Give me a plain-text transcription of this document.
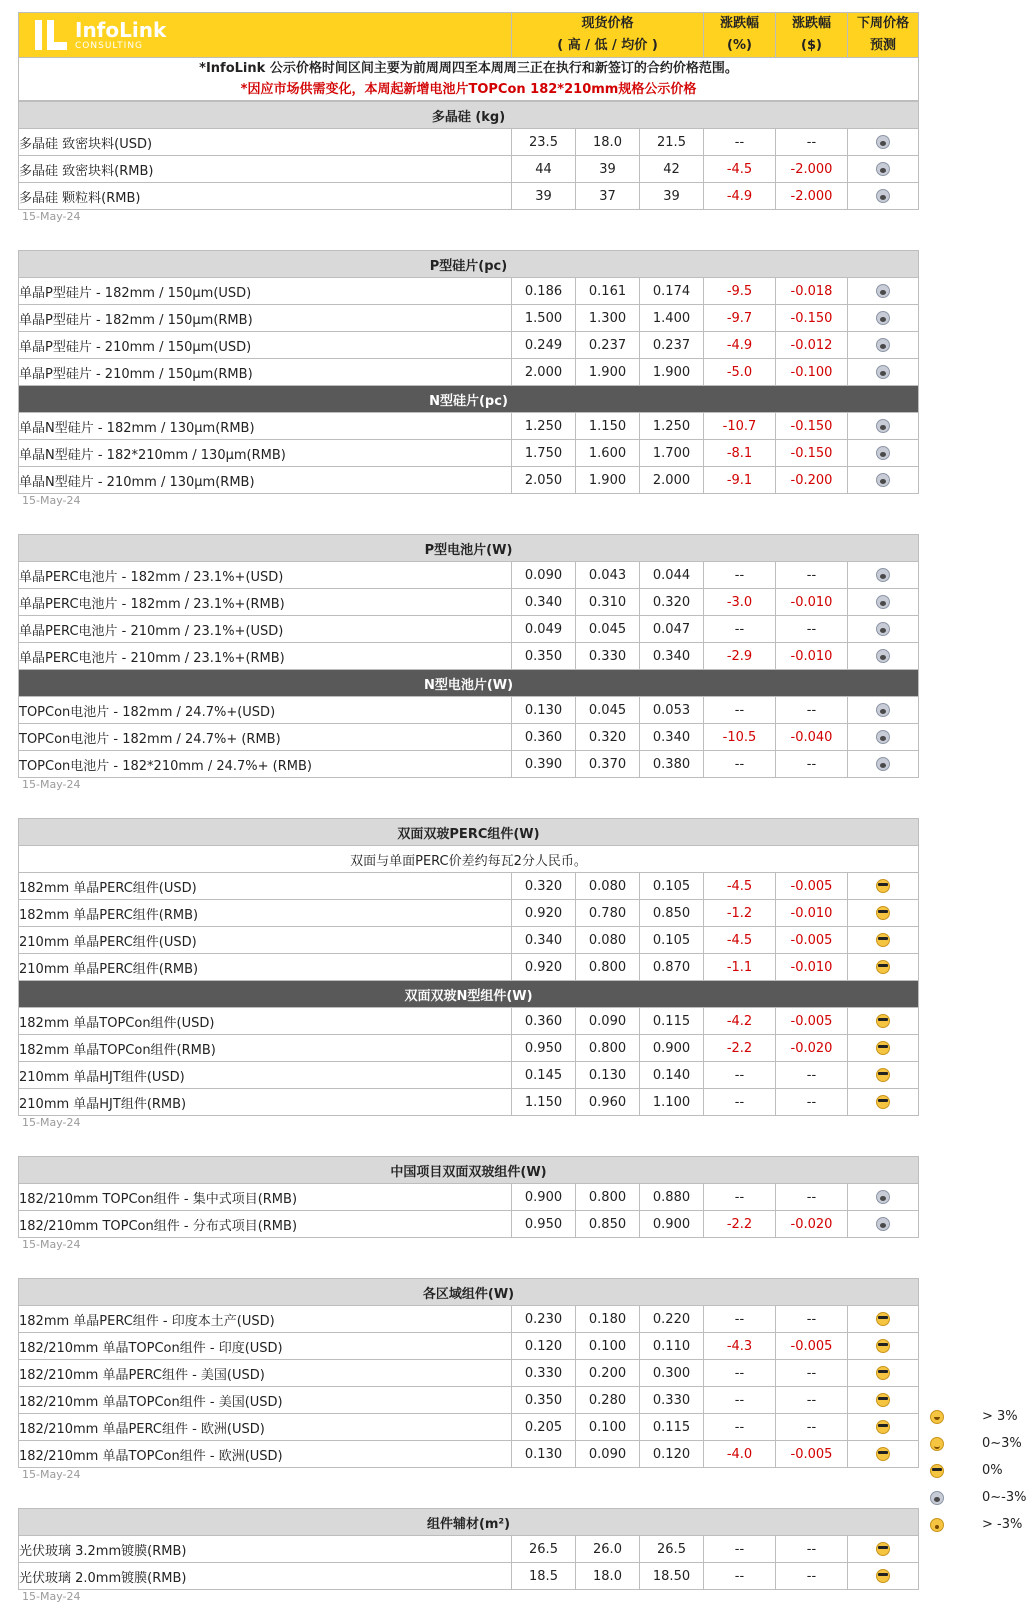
InfoLink
CONSULTING

现货价格
( 高 / 低 / 均价 )

涨跌幅
(%)

涨跌幅
($)

下周价格
预测

*InfoLink 公示价格时间区间主要为前周周四至本周周三正在执行和新签订的合约价格范围。
*因应市场供需变化，本周起新增电池片TOPCon 182*210mm规格公示价格
多晶硅 (kg)						
多晶硅 致密块料(USD)	23.5	18.0	21.5	--	--	
多晶硅 致密块料(RMB)	44	39	42	-4.5	-2.000	
多晶硅 颗粒料(RMB)	39	37	39	-4.9	-2.000	
15-May-24
P型硅片(pc)						
单晶P型硅片 - 182mm / 150μm(USD)	0.186	0.161	0.174	-9.5	-0.018	
单晶P型硅片 - 182mm / 150μm(RMB)	1.500	1.300	1.400	-9.7	-0.150	
单晶P型硅片 - 210mm / 150μm(USD)	0.249	0.237	0.237	-4.9	-0.012	
单晶P型硅片 - 210mm / 150μm(RMB)	2.000	1.900	1.900	-5.0	-0.100	
N型硅片(pc)						
单晶N型硅片 - 182mm / 130μm(RMB)	1.250	1.150	1.250	-10.7	-0.150	
单晶N型硅片 - 182*210mm / 130μm(RMB)	1.750	1.600	1.700	-8.1	-0.150	
单晶N型硅片 - 210mm / 130μm(RMB)	2.050	1.900	2.000	-9.1	-0.200	
15-May-24
P型电池片(W)						
单晶PERC电池片 - 182mm / 23.1%+(USD)	0.090	0.043	0.044	--	--	
单晶PERC电池片 - 182mm / 23.1%+(RMB)	0.340	0.310	0.320	-3.0	-0.010	
单晶PERC电池片 - 210mm / 23.1%+(USD)	0.049	0.045	0.047	--	--	
单晶PERC电池片 - 210mm / 23.1%+(RMB)	0.350	0.330	0.340	-2.9	-0.010	
N型电池片(W)						
TOPCon电池片 - 182mm / 24.7%+(USD)	0.130	0.045	0.053	--	--	
TOPCon电池片 - 182mm / 24.7%+ (RMB)	0.360	0.320	0.340	-10.5	-0.040	
TOPCon电池片 - 182*210mm / 24.7%+ (RMB)	0.390	0.370	0.380	--	--	
15-May-24
双面双玻PERC组件(W)						
双面与单面PERC价差约每瓦2分人民币。						
182mm 单晶PERC组件(USD)	0.320	0.080	0.105	-4.5	-0.005	
182mm 单晶PERC组件(RMB)	0.920	0.780	0.850	-1.2	-0.010	
210mm 单晶PERC组件(USD)	0.340	0.080	0.105	-4.5	-0.005	
210mm 单晶PERC组件(RMB)	0.920	0.800	0.870	-1.1	-0.010	
双面双玻N型组件(W)						
182mm 单晶TOPCon组件(USD)	0.360	0.090	0.115	-4.2	-0.005	
182mm 单晶TOPCon组件(RMB)	0.950	0.800	0.900	-2.2	-0.020	
210mm 单晶HJT组件(USD)	0.145	0.130	0.140	--	--	
210mm 单晶HJT组件(RMB)	1.150	0.960	1.100	--	--	
15-May-24
中国项目双面双玻组件(W)						
182/210mm TOPCon组件 - 集中式项目(RMB)	0.900	0.800	0.880	--	--	
182/210mm TOPCon组件 - 分布式项目(RMB)	0.950	0.850	0.900	-2.2	-0.020	
15-May-24
各区域组件(W)						
182mm 单晶PERC组件 - 印度本土产(USD)	0.230	0.180	0.220	--	--	
182/210mm 单晶TOPCon组件 - 印度(USD)	0.120	0.100	0.110	-4.3	-0.005	
182/210mm 单晶PERC组件 - 美国(USD)	0.330	0.200	0.300	--	--	
182/210mm 单晶TOPCon组件 - 美国(USD)	0.350	0.280	0.330	--	--	
182/210mm 单晶PERC组件 - 欧洲(USD)	0.205	0.100	0.115	--	--	
182/210mm 单晶TOPCon组件 - 欧洲(USD)	0.130	0.090	0.120	-4.0	-0.005	
15-May-24
组件辅材(m²)						
光伏玻璃 3.2mm镀膜(RMB)	26.5	26.0	26.5	--	--	
光伏玻璃 2.0mm镀膜(RMB)	18.5	18.0	18.50	--	--	
15-May-24
> 3%
0~3%
0%
0~-3%
> -3%
